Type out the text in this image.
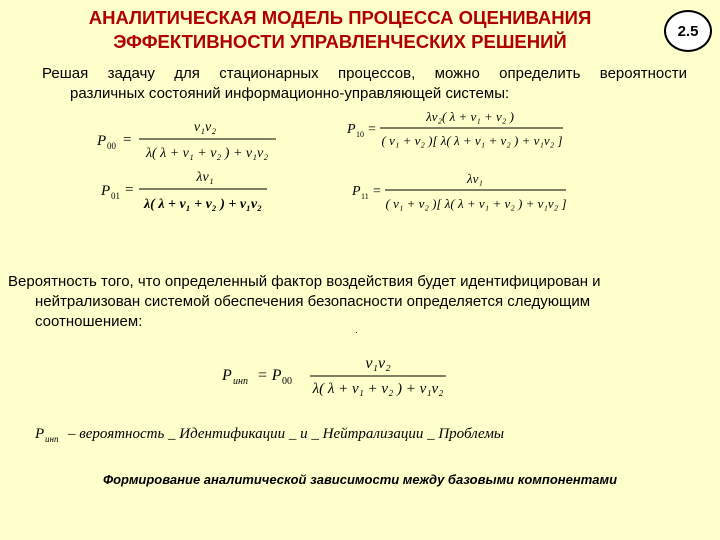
АНАЛИТИЧЕСКАЯ МОДЕЛЬ ПРОЦЕССА ОЦЕНИВАНИЯ
ЭФФЕКТИВНОСТИ УПРАВЛЕНЧЕСКИХ РЕШЕНИЙ	2.5
Решая задачу для стационарных процессов, можно определить вероятности
различных состояний информационно-управляющей системы:
P 00 =
ν₁ν₂
λ( λ + ν₁ + ν₂ ) + ν₁ν₂
P 10 =
λν₂( λ + ν₁ + ν₂ )
( ν₁ + ν₂ )[ λ( λ + ν₁ + ν₂ ) + ν₁ν₂ ]
P 01 =
λν₁
λ( λ + ν₁ + ν₂ ) + ν₁ν₂
P 11 =
λν₁
( ν₁ + ν₂ )[ λ( λ + ν₁ + ν₂ ) + ν₁ν₂ ]
P инп = P 00
ν₁ν₂
λ( λ + ν₁ + ν₂ ) + ν₁ν₂
P инп – вероятность _ Идентификации _ и _ Нейтрализации _ Проблемы
Вероятность того, что определенный фактор воздействия будет идентифицирован и
нейтрализован системой обеспечения безопасности определяется следующим
соотношением:
.
Формирование аналитической зависимости между базовыми компонентами
